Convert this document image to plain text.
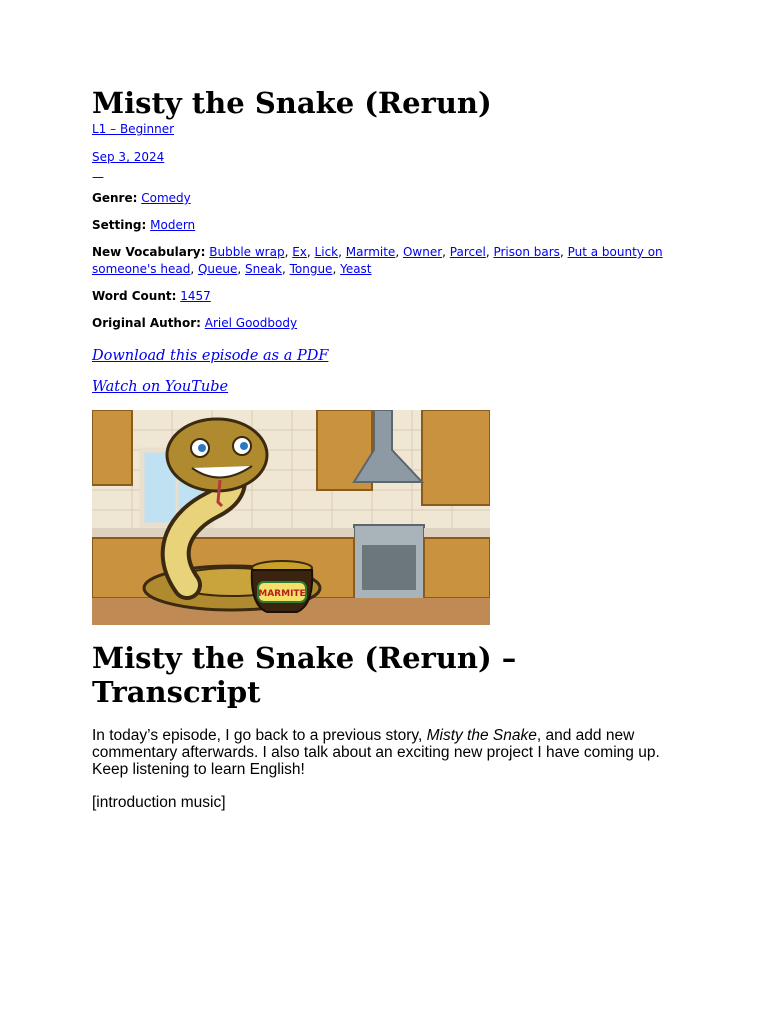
Misty the Snake (Rerun)
L1 – Beginner
Sep 3, 2024
—
Genre: Comedy
Setting: Modern
New Vocabulary: Bubble wrap, Ex, Lick, Marmite, Owner, Parcel, Prison bars, Put a bounty on someone's head, Queue, Sneak, Tongue, Yeast
Word Count: 1457
Original Author: Ariel Goodbody
Download this episode as a PDF
Watch on YouTube
MARMITE
Misty the Snake (Rerun) – Transcript

In today’s episode, I go back to a previous story, Misty the Snake, and add new commentary afterwards. I also talk about an exciting new project I have coming up. Keep listening to learn English!

[introduction music]
